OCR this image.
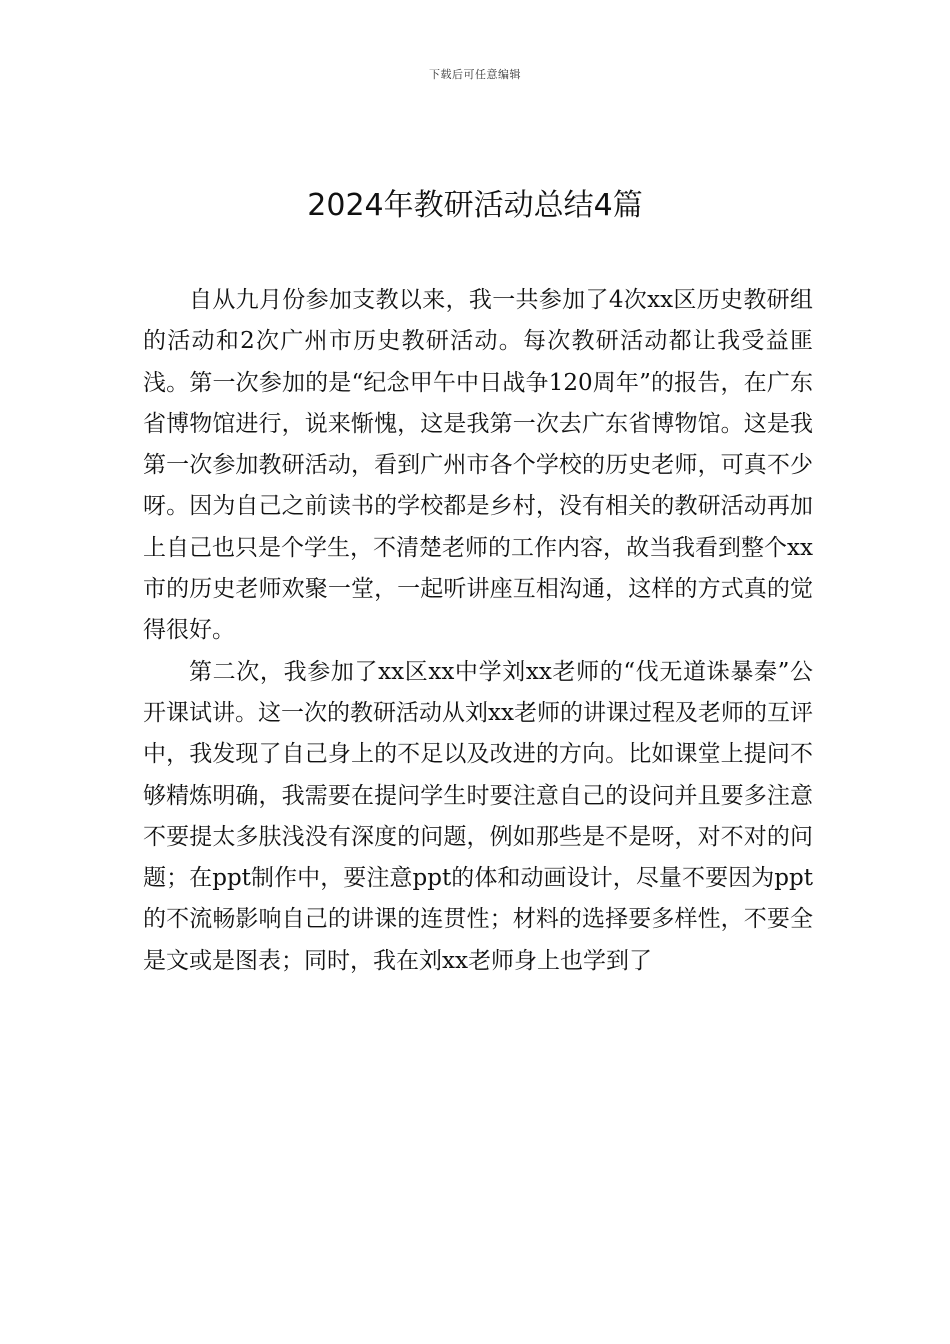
下载后可任意编辑
2024年教研活动总结4篇

自从九月份参加支教以来，我一共参加了4次xx区历史教研组的活动和2次广州市历史教研活动。每次教研活动都让我受益匪浅。第一次参加的是“纪念甲午中日战争120周年”的报告，在广东省博物馆进行，说来惭愧，这是我第一次去广东省博物馆。这是我第一次参加教研活动，看到广州市各个学校的历史老师，可真不少呀。因为自己之前读书的学校都是乡村，没有相关的教研活动再加上自己也只是个学生，不清楚老师的工作内容，故当我看到整个xx市的历史老师欢聚一堂，一起听讲座互相沟通，这样的方式真的觉得很好。

第二次，我参加了xx区xx中学刘xx老师的“伐无道诛暴秦”公开课试讲。这一次的教研活动从刘xx老师的讲课过程及老师的互评中，我发现了自己身上的不足以及改进的方向。比如课堂上提问不够精炼明确，我需要在提问学生时要注意自己的设问并且要多注意不要提太多肤浅没有深度的问题，例如那些是不是呀，对不对的问题；在ppt制作中，要注意ppt的体和动画设计，尽量不要因为ppt的不流畅影响自己的讲课的连贯性；材料的选择要多样性，不要全是文或是图表；同时，我在刘xx老师身上也学到了
